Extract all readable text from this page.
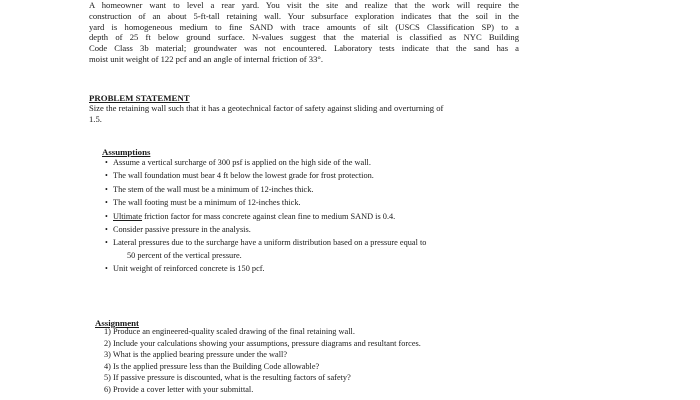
A homeowner want to level a rear yard. You visit the site and realize that the work will require the
construction of an about 5-ft-tall retaining wall. Your subsurface exploration indicates that the soil in the
yard is homogeneous medium to fine SAND with trace amounts of silt (USCS Classification SP) to a
depth of 25 ft below ground surface. N-values suggest that the material is classified as NYC Building
Code Class 3b material; groundwater was not encountered. Laboratory tests indicate that the sand has a
moist unit weight of 122 pcf and an angle of internal friction of 33°.
PROBLEM STATEMENT
Size the retaining wall such that it has a geotechnical factor of safety against sliding and overturning of
1.5.
Assumptions
• Assume a vertical surcharge of 300 psf is applied on the high side of the wall.
• The wall foundation must bear 4 ft below the lowest grade for frost protection.
• The stem of the wall must be a minimum of 12-inches thick.
• The wall footing must be a minimum of 12-inches thick.
• Ultimate friction factor for mass concrete against clean fine to medium SAND is 0.4.
• Consider passive pressure in the analysis.
• Lateral pressures due to the surcharge have a uniform distribution based on a pressure equal to
50 percent of the vertical pressure.
• Unit weight of reinforced concrete is 150 pcf.
Assignment
1) Produce an engineered-quality scaled drawing of the final retaining wall.
2) Include your calculations showing your assumptions, pressure diagrams and resultant forces.
3) What is the applied bearing pressure under the wall?
4) Is the applied pressure less than the Building Code allowable?
5) If passive pressure is discounted, what is the resulting factors of safety?
6) Provide a cover letter with your submittal.
